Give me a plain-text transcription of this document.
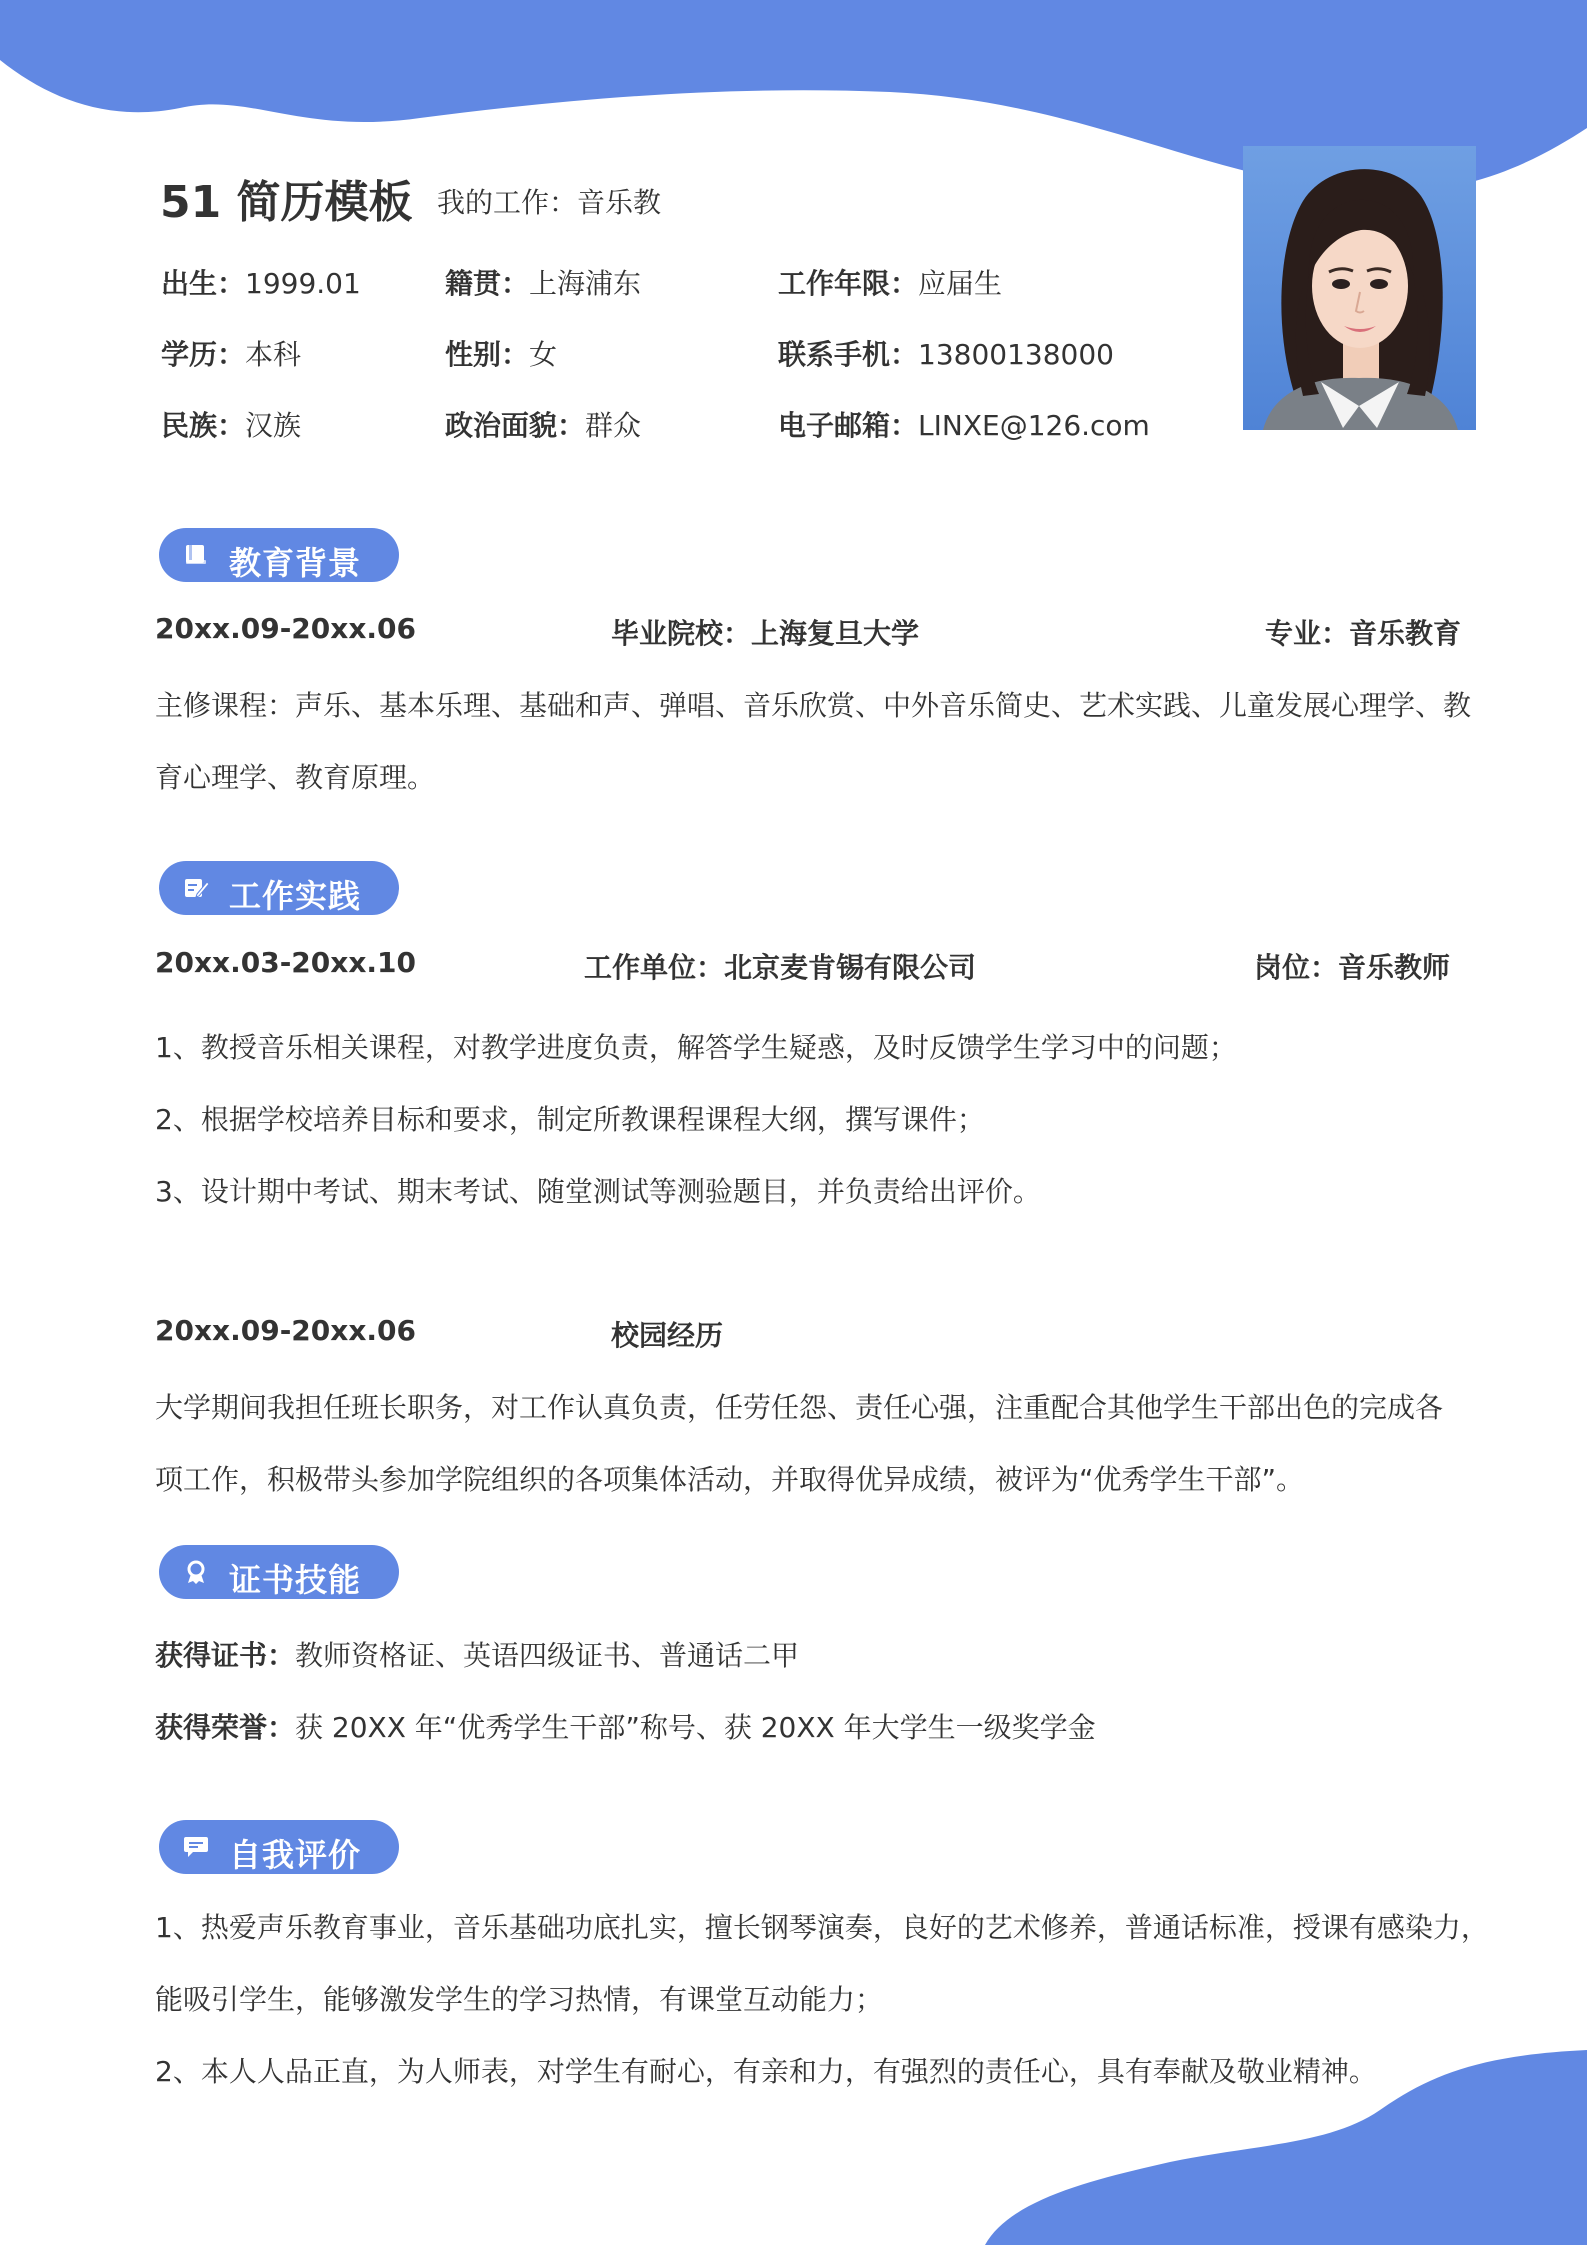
51 简历模板 我的工作：音乐教
出生：1999.01	籍贯：上海浦东	工作年限：应届生
学历：本科	性别：女	联系手机：13800138000
民族：汉族	政治面貌：群众	电子邮箱：LINXE@126.com
教育背景
20xx.09-20xx.06	毕业院校：上海复旦大学	专业：音乐教育
主修课程：声乐、基本乐理、基础和声、弹唱、音乐欣赏、中外音乐简史、艺术实践、儿童发展心理学、教
育心理学、教育原理。
工作实践
20xx.03-20xx.10	工作单位：北京麦肯锡有限公司	岗位：音乐教师
1、教授音乐相关课程，对教学进度负责，解答学生疑惑，及时反馈学生学习中的问题；
2、根据学校培养目标和要求，制定所教课程课程大纲，撰写课件；
3、设计期中考试、期末考试、随堂测试等测验题目，并负责给出评价。
20xx.09-20xx.06	校园经历
大学期间我担任班长职务，对工作认真负责，任劳任怨、责任心强，注重配合其他学生干部出色的完成各
项工作，积极带头参加学院组织的各项集体活动，并取得优异成绩，被评为“优秀学生干部”。
证书技能
获得证书：教师资格证、英语四级证书、普通话二甲
获得荣誉：获 20XX 年“优秀学生干部”称号、获 20XX 年大学生一级奖学金
自我评价
1、热爱声乐教育事业，音乐基础功底扎实，擅长钢琴演奏，良好的艺术修养，普通话标准，授课有感染力，
能吸引学生，能够激发学生的学习热情，有课堂互动能力；
2、本人人品正直，为人师表，对学生有耐心，有亲和力，有强烈的责任心，具有奉献及敬业精神。
